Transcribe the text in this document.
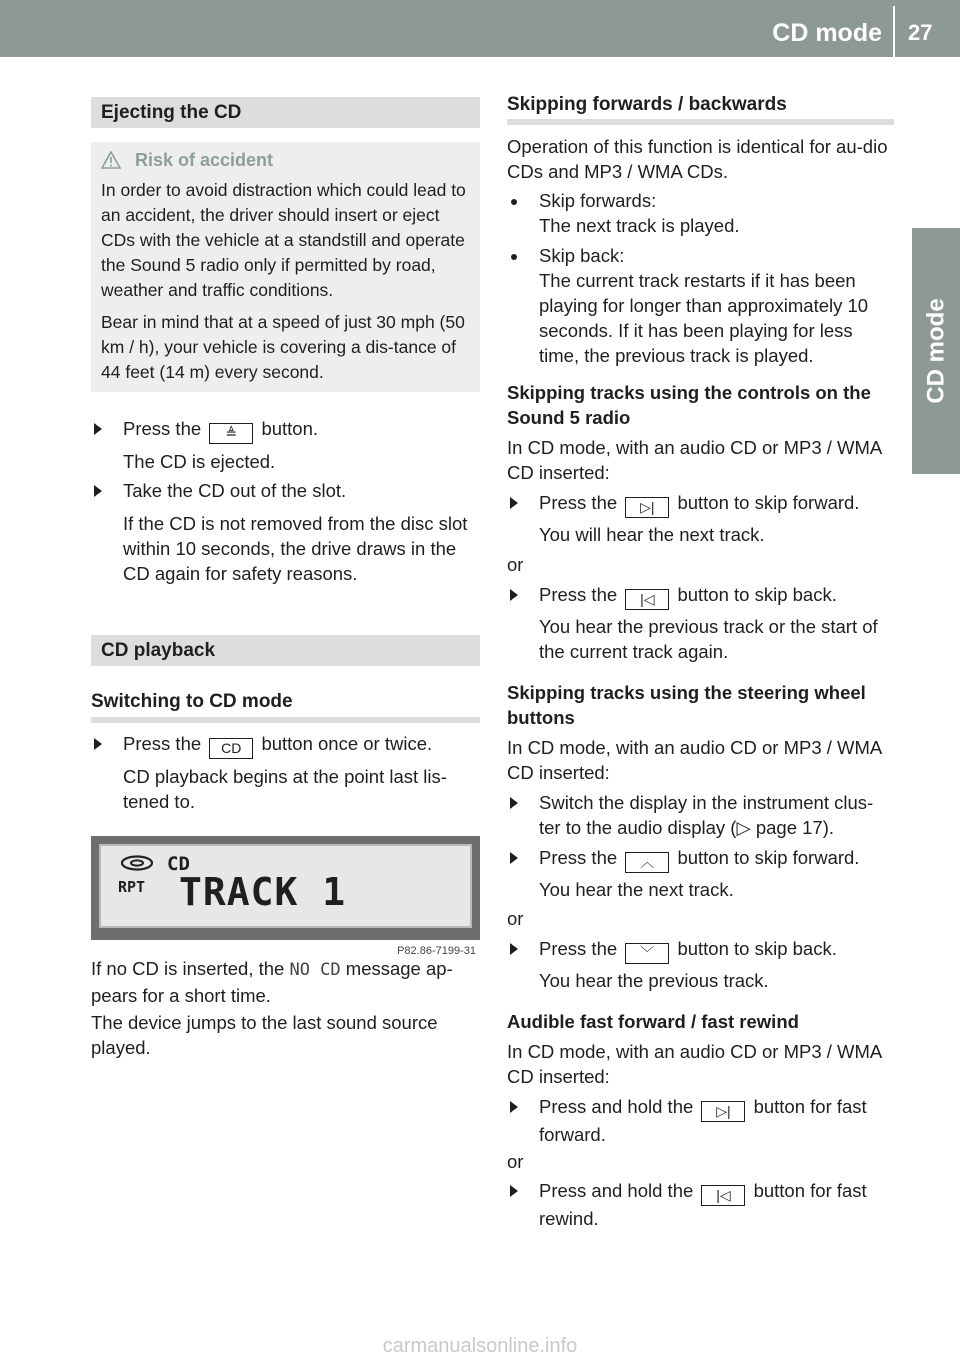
CD mode 27
CD mode
Ejecting the CD
Risk of accident

In order to avoid distraction which could lead to an accident, the driver should insert or eject CDs with the vehicle at a standstill and operate the Sound 5 radio only if permitted by road, weather and traffic conditions.

Bear in mind that at a speed of just 30 mph (50 km / h), your vehicle is covering a dis-tance of 44 feet (14 m) every second.

Press the ≜ button.
The CD is ejected.
Take the CD out of the slot.
If the CD is not removed from the disc slot within 10 seconds, the drive draws in the CD again for safety reasons.
CD playback
Switching to CD mode
Press the CD button once or twice.
CD playback begins at the point last lis-tened to.
CD
RPT TRACK 1
P82.86-7199-31

If no CD is inserted, the NO CD message ap-pears for a short time.

The device jumps to the last sound source played.

Skipping forwards / backwards

Operation of this function is identical for au-dio CDs and MP3 / WMA CDs.

Skip forwards:
The next track is played.
Skip back:
The current track restarts if it has been playing for longer than approximately 10 seconds. If it has been playing for less time, the previous track is played.
Skipping tracks using the controls on the Sound 5 radio

In CD mode, with an audio CD or MP3 / WMA CD inserted:

Press the ▷| button to skip forward.
You will hear the next track.
or
Press the |◁ button to skip back.
You hear the previous track or the start of the current track again.
Skipping tracks using the steering wheel buttons

In CD mode, with an audio CD or MP3 / WMA CD inserted:

Switch the display in the instrument clus-ter to the audio display (▷ page 17).
Press the ︿ button to skip forward.
You hear the next track.
or
Press the ﹀ button to skip back.
You hear the previous track.
Audible fast forward / fast rewind

In CD mode, with an audio CD or MP3 / WMA CD inserted:

Press and hold the ▷| button for fast forward.
or
Press and hold the |◁ button for fast rewind.
carmanualsonline.info
